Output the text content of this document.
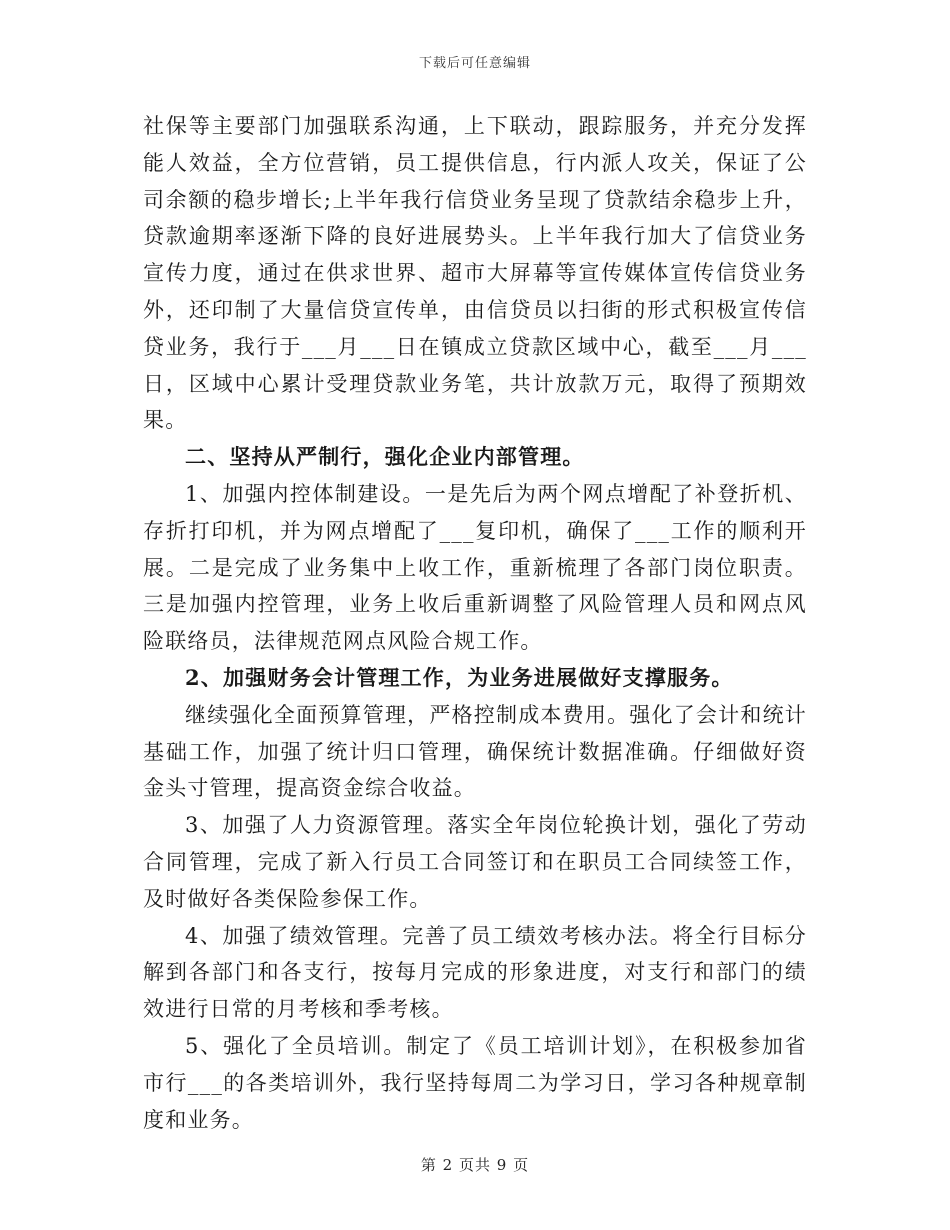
下载后可任意编辑

社保等主要部门加强联系沟通，上下联动，跟踪服务，并充分发挥能人效益，全方位营销，员工提供信息，行内派人攻关，保证了公司余额的稳步增长;上半年我行信贷业务呈现了贷款结余稳步上升，贷款逾期率逐渐下降的良好进展势头。上半年我行加大了信贷业务宣传力度，通过在供求世界、超市大屏幕等宣传媒体宣传信贷业务外，还印制了大量信贷宣传单，由信贷员以扫街的形式积极宣传信贷业务，我行于___月___日在镇成立贷款区域中心，截至___月___日，区域中心累计受理贷款业务笔，共计放款万元，取得了预期效果。

二、坚持从严制行，强化企业内部管理。

1、加强内控体制建设。一是先后为两个网点增配了补登折机、存折打印机，并为网点增配了___复印机，确保了___工作的顺利开展。二是完成了业务集中上收工作，重新梳理了各部门岗位职责。三是加强内控管理，业务上收后重新调整了风险管理人员和网点风险联络员，法律规范网点风险合规工作。

2、加强财务会计管理工作，为业务进展做好支撑服务。

继续强化全面预算管理，严格控制成本费用。强化了会计和统计基础工作，加强了统计归口管理，确保统计数据准确。仔细做好资金头寸管理，提高资金综合收益。

3、加强了人力资源管理。落实全年岗位轮换计划，强化了劳动合同管理，完成了新入行员工合同签订和在职员工合同续签工作，及时做好各类保险参保工作。

4、加强了绩效管理。完善了员工绩效考核办法。将全行目标分解到各部门和各支行，按每月完成的形象进度，对支行和部门的绩效进行日常的月考核和季考核。

5、强化了全员培训。制定了《员工培训计划》，在积极参加省市行___的各类培训外，我行坚持每周二为学习日，学习各种规章制度和业务。

第 2 页共 9 页
